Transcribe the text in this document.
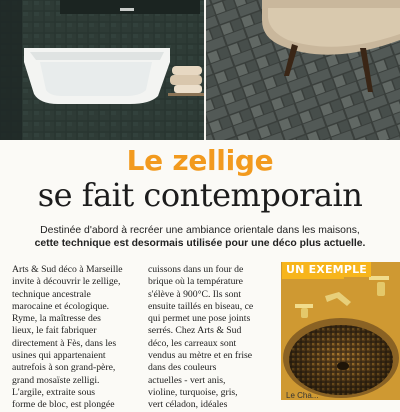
Le zellige
se fait contemporain
Destinée d'abord à recréer une ambiance orientale dans les maisons,
cette technique est desormais utilisée pour une déco plus actuelle.
Arts & Sud déco à Marseille
invite à découvrir le zellige,
technique ancestrale
marocaine et écologique.
Ryme, la maîtresse des
lieux, le fait fabriquer
directement à Fès, dans les
usines qui appartenaient
autrefois à son grand-père,
grand mosaïste zelligi.
L'argile, extraite sous
forme de bloc, est plongée
cuissons dans un four de
brique où la température
s'élève à 900°C. Ils sont
ensuite taillés en biseau, ce
qui permet une pose joints
serrés. Chez Arts & Sud
déco, les carreaux sont
vendus au mètre et en frise
dans des couleurs
actuelles - vert anis,
violine, turquoise, gris,
vert céladon, idéales
UN EXEMPLE
Le Cha...
